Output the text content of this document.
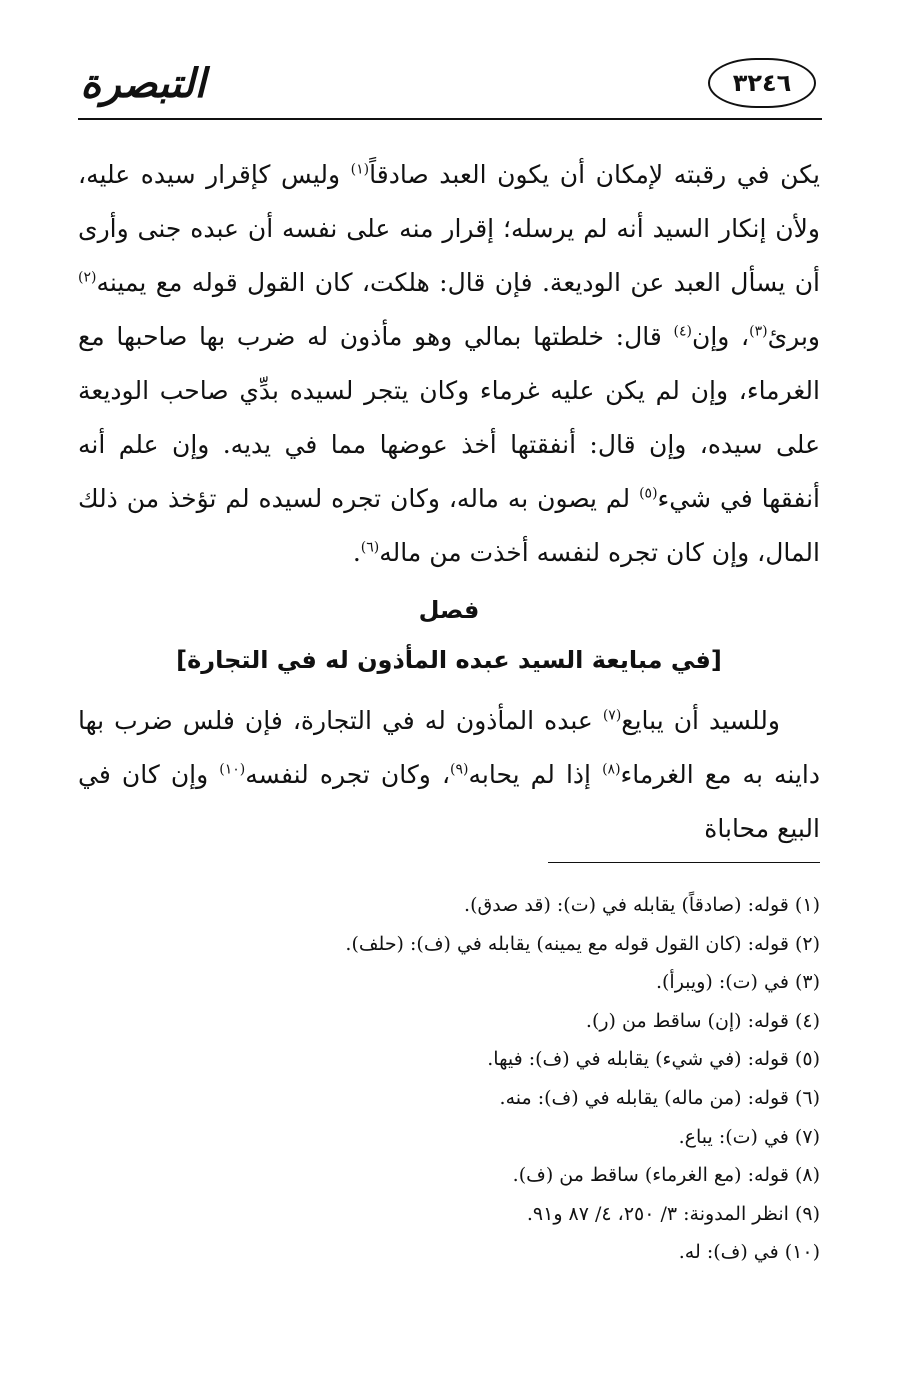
التبصرة	٣٢٤٦

يكن في رقبته لإمكان أن يكون العبد صادقاً$^{(١)}$ وليس كإقرار سيده عليه، ولأن إنكار السيد أنه لم يرسله؛ إقرار منه على نفسه أن عبده جنى وأرى أن يسأل العبد عن الوديعة. فإن قال: هلكت، كان القول قوله مع يمينه$^{(٢)}$ وبرئ$^{(٣)}$، وإن$^{(٤)}$ قال: خلطتها بمالي وهو مأذون له ضرب بها صاحبها مع الغرماء، وإن لم يكن عليه غرماء وكان يتجر لسيده بدِّي صاحب الوديعة على سيده، وإن قال: أنفقتها أخذ عوضها مما في يديه. وإن علم أنه أنفقها في شيء$^{(٥)}$ لم يصون به ماله، وكان تجره لسيده لم تؤخذ من ذلك المال، وإن كان تجره لنفسه أخذت من ماله$^{(٦)}$.

فصل
[في مبايعة السيد عبده المأذون له في التجارة]

وللسيد أن يبايع$^{(٧)}$ عبده المأذون له في التجارة، فإن فلس ضرب بها داينه به مع الغرماء$^{(٨)}$ إذا لم يحابه$^{(٩)}$، وكان تجره لنفسه$^{(١٠)}$ وإن كان في البيع محاباة

(١) قوله: (صادقاً) يقابله في (ت): (قد صدق).
(٢) قوله: (كان القول قوله مع يمينه) يقابله في (ف): (حلف).
(٣) في (ت): (ويبرأ).
(٤) قوله: (إن) ساقط من (ر).
(٥) قوله: (في شيء) يقابله في (ف): فيها.
(٦) قوله: (من ماله) يقابله في (ف): منه.
(٧) في (ت): يباع.
(٨) قوله: (مع الغرماء) ساقط من (ف).
(٩) انظر المدونة: ٣/ ٢٥٠، ٤/ ٨٧ و٩١.
(١٠) في (ف): له.
